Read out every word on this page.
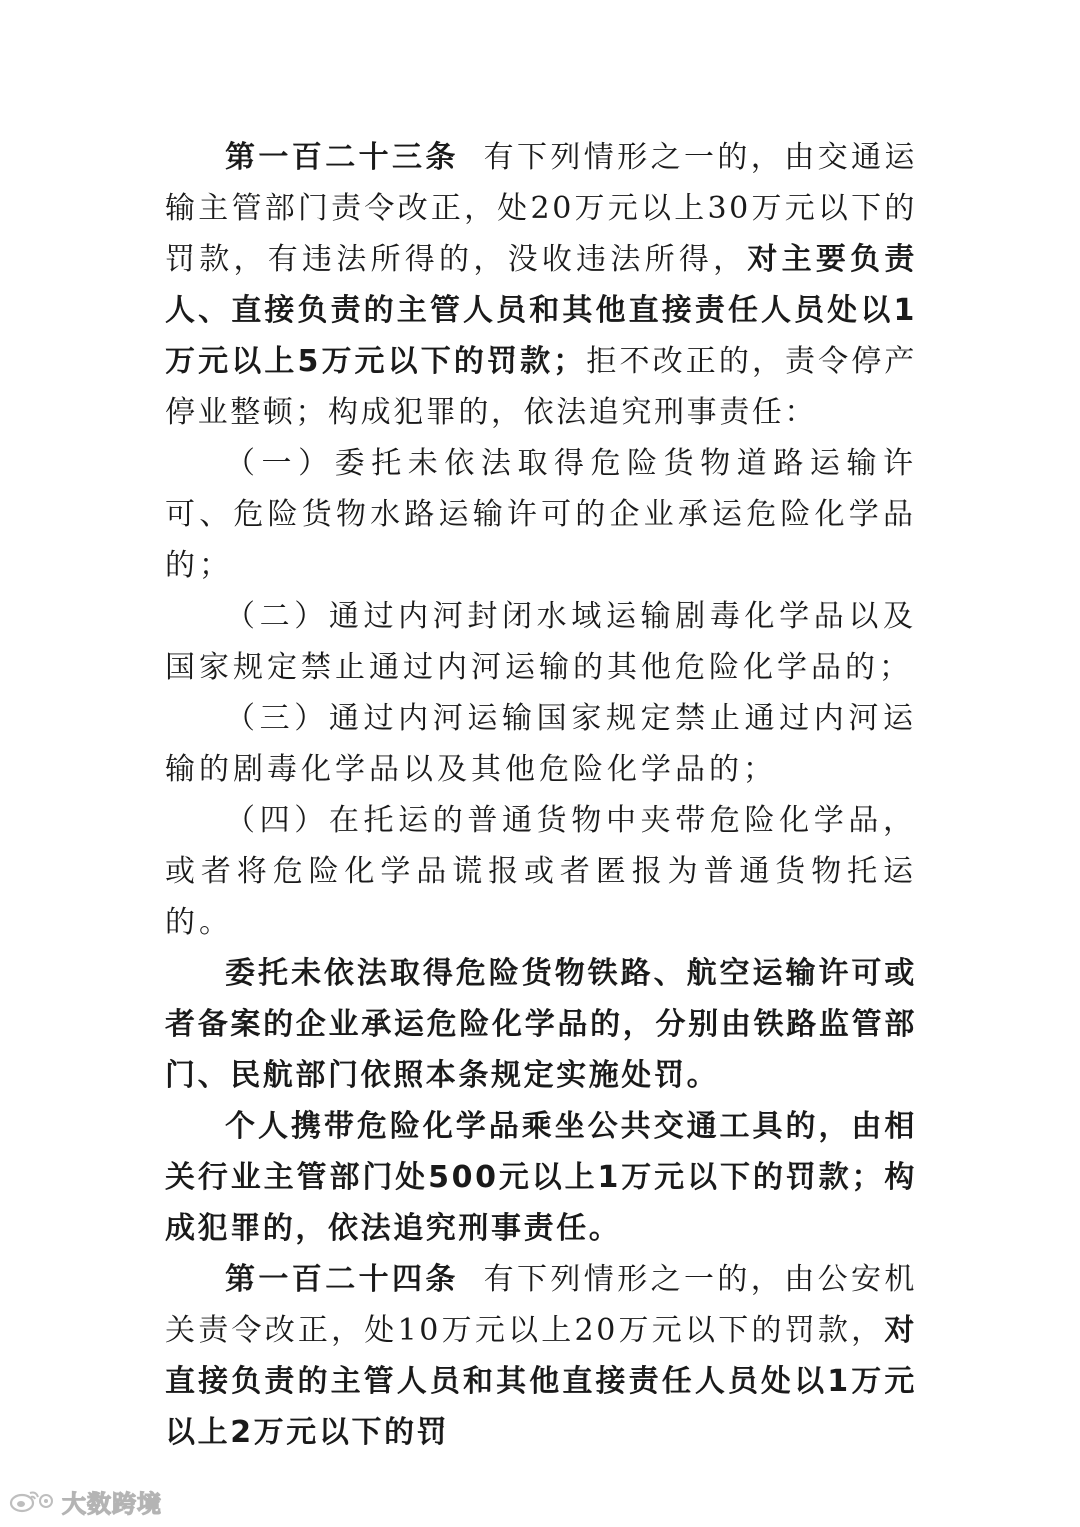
第一百二十三条 有下列情形之一的，由交通运输主管部门责令改正，处20万元以上30万元以下的罚款，有违法所得的，没收违法所得，对主要负责人、直接负责的主管人员和其他直接责任人员处以1万元以上5万元以下的罚款；拒不改正的，责令停产停业整顿；构成犯罪的，依法追究刑事责任：

（一）委托未依法取得危险货物道路运输许可、危险货物水路运输许可的企业承运危险化学品的；

（二）通过内河封闭水域运输剧毒化学品以及国家规定禁止通过内河运输的其他危险化学品的；

（三）通过内河运输国家规定禁止通过内河运输的剧毒化学品以及其他危险化学品的；

（四）在托运的普通货物中夹带危险化学品，或者将危险化学品谎报或者匿报为普通货物托运的。

委托未依法取得危险货物铁路、航空运输许可或者备案的企业承运危险化学品的，分别由铁路监管部门、民航部门依照本条规定实施处罚。

个人携带危险化学品乘坐公共交通工具的，由相关行业主管部门处500元以上1万元以下的罚款；构成犯罪的，依法追究刑事责任。

第一百二十四条 有下列情形之一的，由公安机关责令改正，处10万元以上20万元以下的罚款，对直接负责的主管人员和其他直接责任人员处以1万元以上2万元以下的罚

大数跨境
